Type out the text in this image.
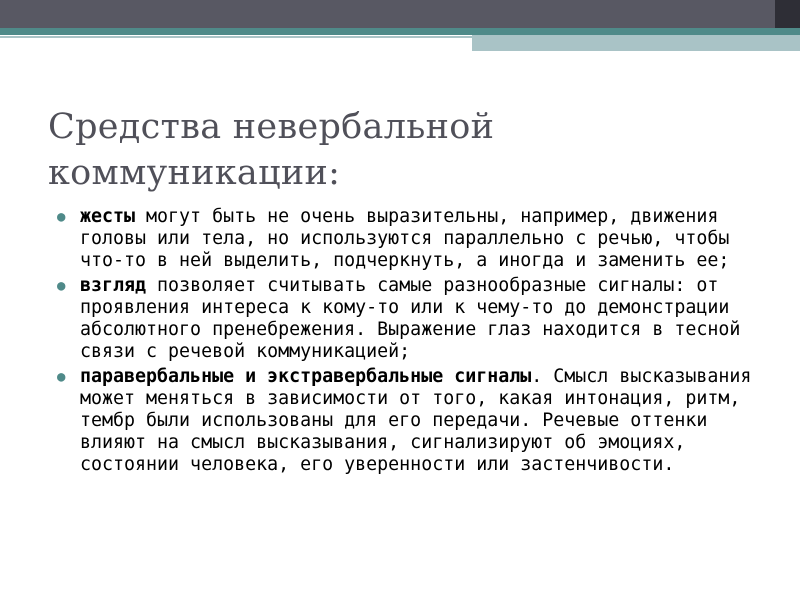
Средства невербальной
коммуникации:
● жесты могут быть не очень выразительны, например, движения головы или тела, но используются параллельно с речью, чтобы что-то в ней выделить, подчеркнуть, а иногда и заменить ее;
● взгляд позволяет считывать самые разнообразные сигналы: от проявления интереса к кому-то или к чему-то до демонстрации абсолютного пренебрежения. Выражение глаз находится в тесной связи с речевой коммуникацией;
● паравербальные и экстравербальные сигналы. Смысл высказывания может меняться в зависимости от того, какая интонация, ритм, тембр были использованы для его передачи. Речевые оттенки влияют на смысл высказывания, сигнализируют об эмоциях, состоянии человека, его уверенности или застенчивости.
